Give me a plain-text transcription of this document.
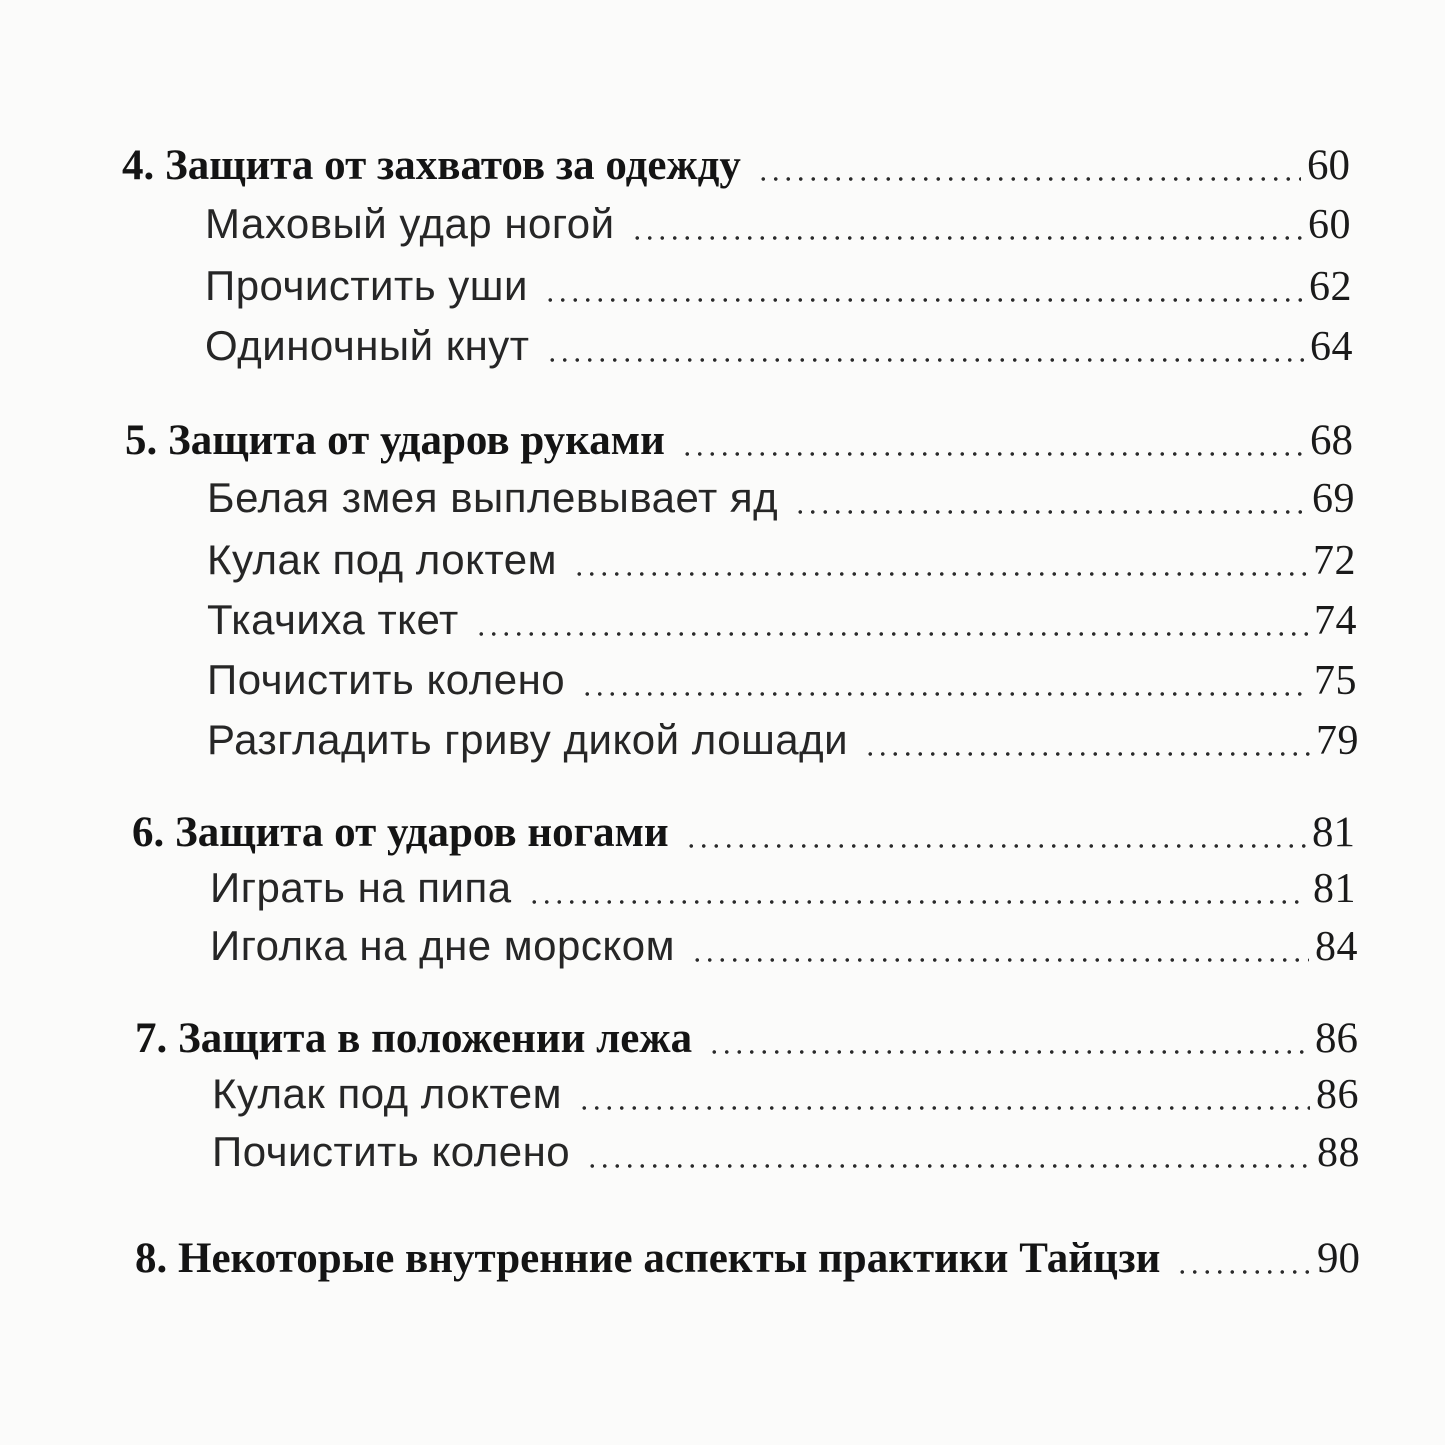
4. Защита от захватов за одежду	60
Маховый удар ногой	60
Прочистить уши	62
Одиночный кнут	64
5. Защита от ударов руками	68
Белая змея выплевывает яд	69
Кулак под локтем	72
Ткачиха ткет	74
Почистить колено	75
Разгладить гриву дикой лошади	79
6. Защита от ударов ногами	81
Играть на пипа	81
Иголка на дне морском	84
7. Защита в положении лежа	86
Кулак под локтем	86
Почистить колено	88
8. Некоторые внутренние аспекты практики Тайцзи	90
